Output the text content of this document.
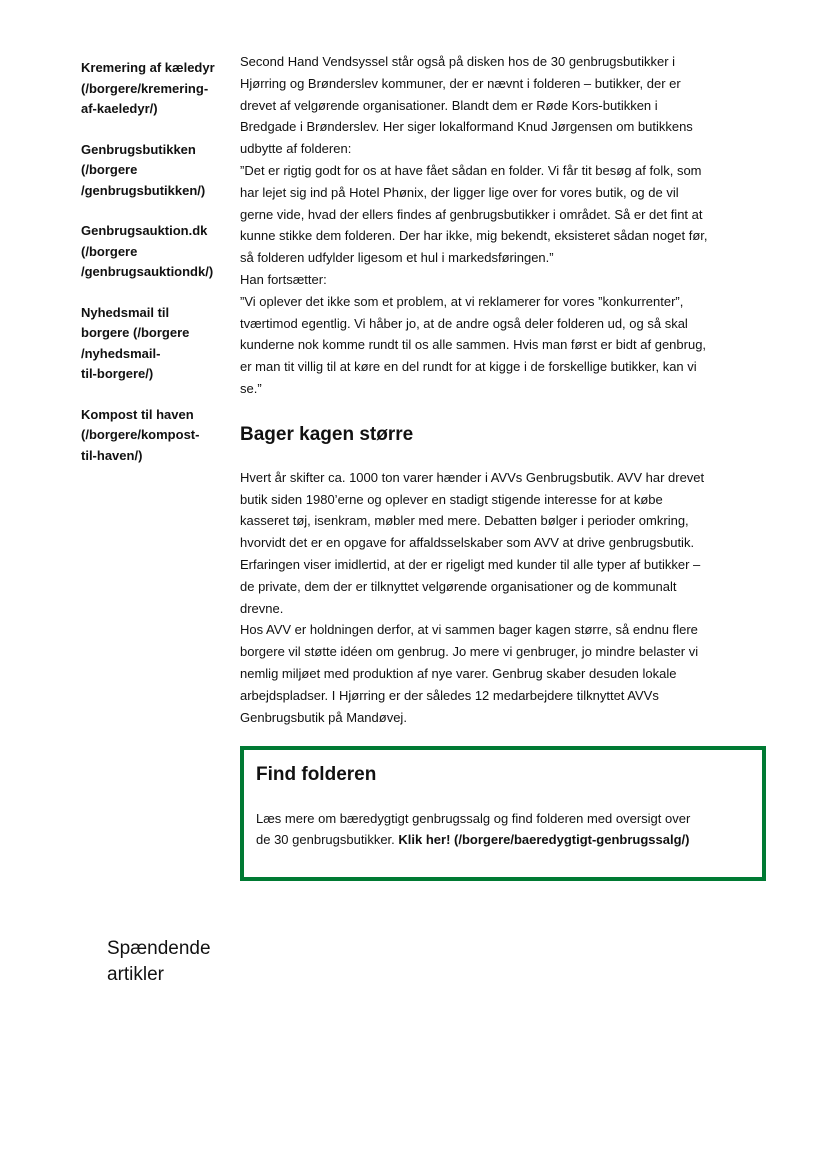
Kremering af kæledyr
(/borgere/kremering-
af-kaeledyr/)
Genbrugsbutikken
(/borgere
/genbrugsbutikken/)
Genbrugsauktion.dk
(/borgere
/genbrugsauktiondk/)
Nyhedsmail til
borgere (/borgere
/nyhedsmail-
til-borgere/)
Kompost til haven
(/borgere/kompost-
til-haven/)

Second Hand Vendsyssel står også på disken hos de 30 genbrugsbutikker i
Hjørring og Brønderslev kommuner, der er nævnt i folderen – butikker, der er
drevet af velgørende organisationer. Blandt dem er Røde Kors-butikken i
Bredgade i Brønderslev. Her siger lokalformand Knud Jørgensen om butikkens
udbytte af folderen:
”Det er rigtig godt for os at have fået sådan en folder. Vi får tit besøg af folk, som
har lejet sig ind på Hotel Phønix, der ligger lige over for vores butik, og de vil
gerne vide, hvad der ellers findes af genbrugsbutikker i området. Så er det fint at
kunne stikke dem folderen. Der har ikke, mig bekendt, eksisteret sådan noget før,
så folderen udfylder ligesom et hul i markedsføringen.”
Han fortsætter:
”Vi oplever det ikke som et problem, at vi reklamerer for vores ”konkurrenter”,
tværtimod egentlig. Vi håber jo, at de andre også deler folderen ud, og så skal
kunderne nok komme rundt til os alle sammen. Hvis man først er bidt af genbrug,
er man tit villig til at køre en del rundt for at kigge i de forskellige butikker, kan vi
se.”

Bager kagen større

Hvert år skifter ca. 1000 ton varer hænder i AVVs Genbrugsbutik. AVV har drevet
butik siden 1980’erne og oplever en stadigt stigende interesse for at købe
kasseret tøj, isenkram, møbler med mere. Debatten bølger i perioder omkring,
hvorvidt det er en opgave for affaldsselskaber som AVV at drive genbrugsbutik.
Erfaringen viser imidlertid, at der er rigeligt med kunder til alle typer af butikker –
de private, dem der er tilknyttet velgørende organisationer og de kommunalt
drevne.
Hos AVV er holdningen derfor, at vi sammen bager kagen større, så endnu flere
borgere vil støtte idéen om genbrug. Jo mere vi genbruger, jo mindre belaster vi
nemlig miljøet med produktion af nye varer. Genbrug skaber desuden lokale
arbejdspladser. I Hjørring er der således 12 medarbejdere tilknyttet AVVs
Genbrugsbutik på Mandøvej.

Find folderen
Læs mere om bæredygtigt genbrugssalg og find folderen med oversigt over
de 30 genbrugsbutikker. Klik her! (/borgere/baeredygtigt-genbrugssalg/)
Spændende
artikler
